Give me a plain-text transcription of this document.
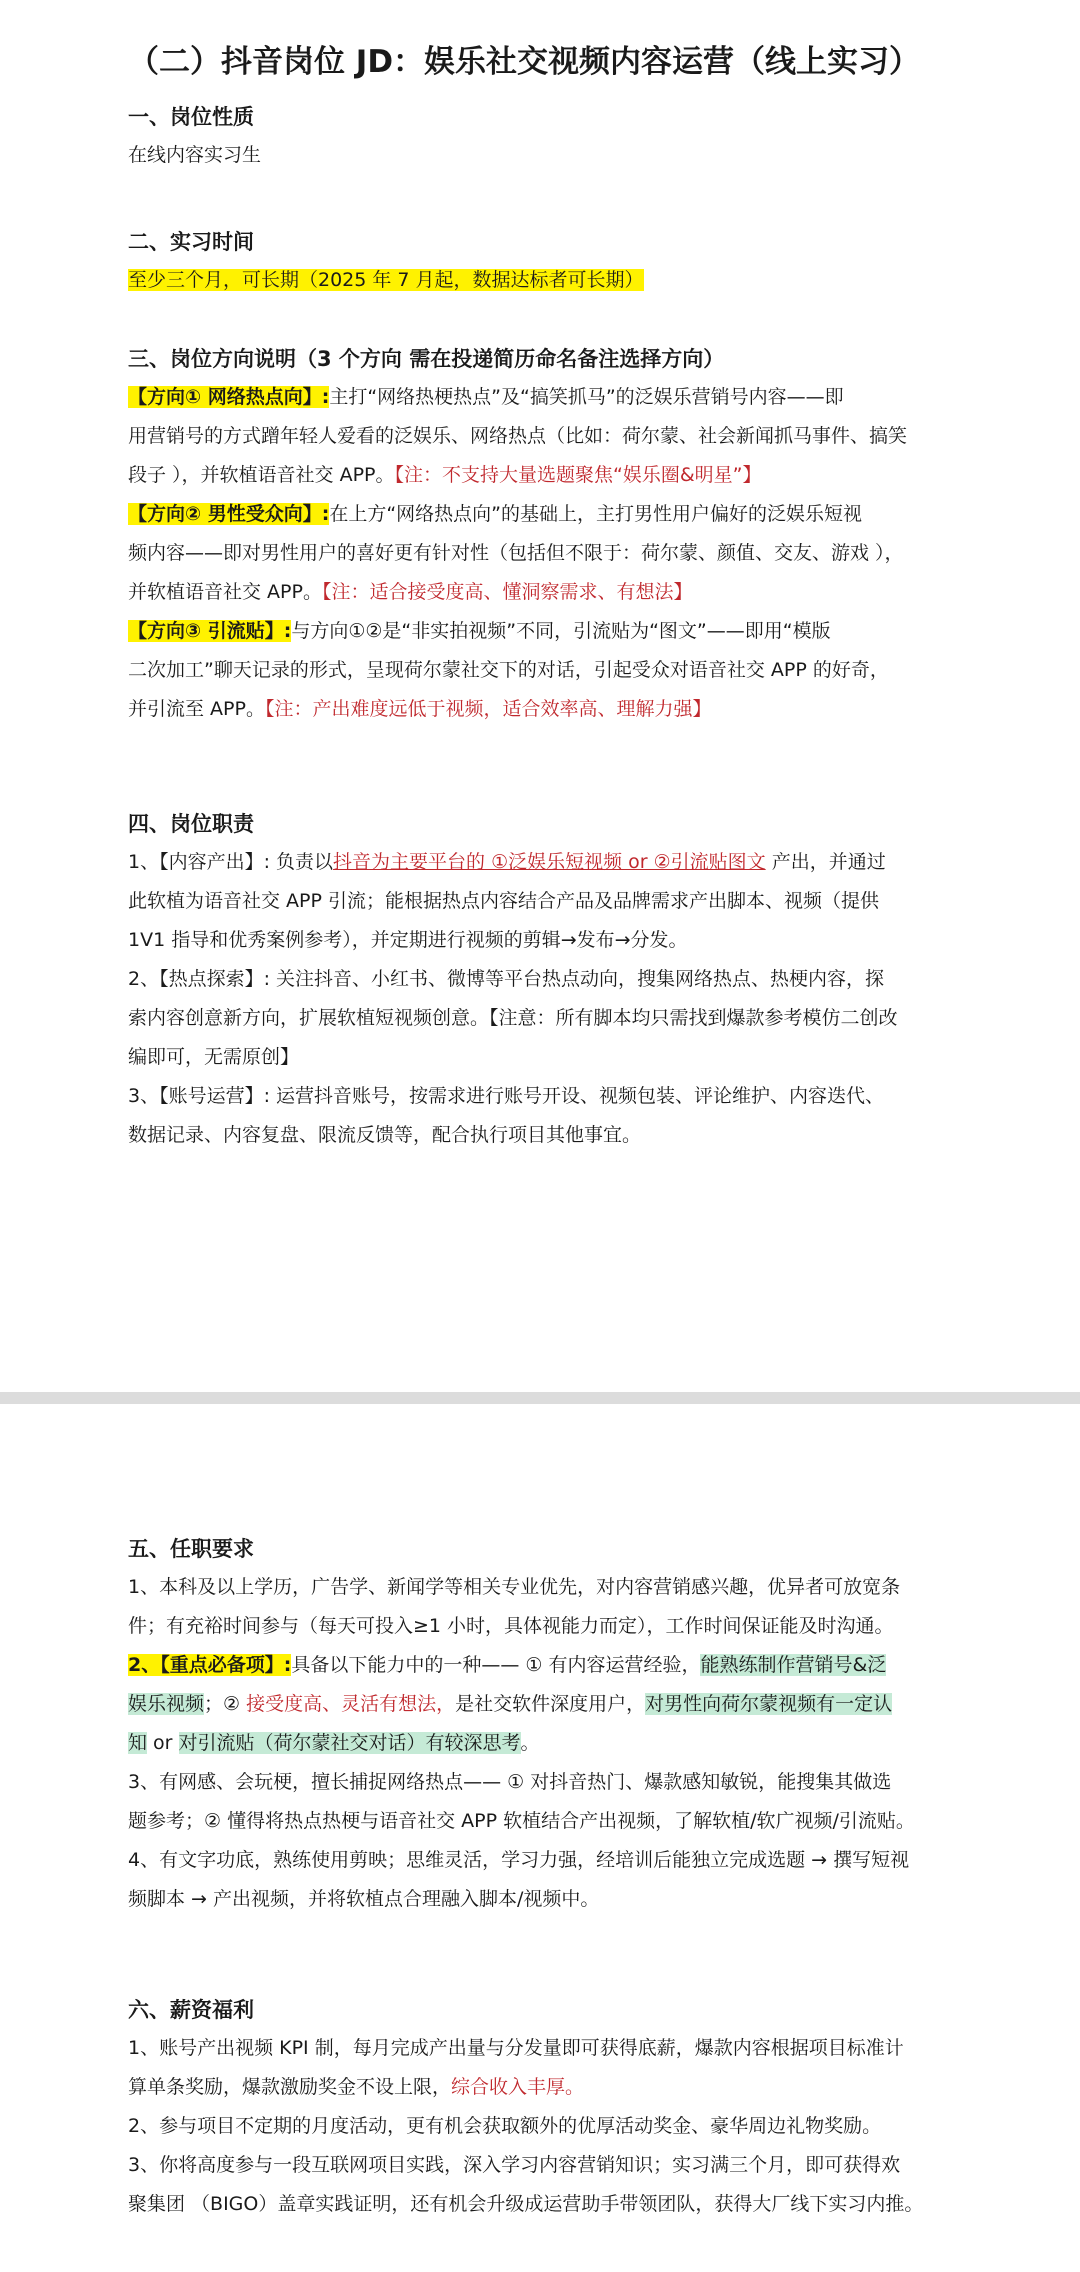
（二）抖音岗位 JD：娱乐社交视频内容运营（线上实习）

一、岗位性质

在线内容实习生

二、实习时间

至少三个月，可长期（2025 年 7 月起，数据达标者可长期）

三、岗位方向说明（3 个方向 需在投递简历命名备注选择方向）

【方向① 网络热点向】:主打“网络热梗热点”及“搞笑抓马”的泛娱乐营销号内容——即

用营销号的方式蹭年轻人爱看的泛娱乐、网络热点（比如：荷尔蒙、社会新闻抓马事件、搞笑

段子 ），并软植语音社交 APP。【注：不支持大量选题聚焦“娱乐圈&明星”】

【方向② 男性受众向】:在上方“网络热点向”的基础上，主打男性用户偏好的泛娱乐短视

频内容——即对男性用户的喜好更有针对性（包括但不限于：荷尔蒙、颜值、交友、游戏 ），

并软植语音社交 APP。【注：适合接受度高、懂洞察需求、有想法】

【方向③ 引流贴】:与方向①②是“非实拍视频”不同，引流贴为“图文”——即用“模版

二次加工”聊天记录的形式，呈现荷尔蒙社交下的对话，引起受众对语音社交 APP 的好奇，

并引流至 APP。【注：产出难度远低于视频，适合效率高、理解力强】

四、岗位职责

1、【内容产出】: 负责以抖音为主要平台的 ①泛娱乐短视频 or ②引流贴图文 产出，并通过

此软植为语音社交 APP 引流；能根据热点内容结合产品及品牌需求产出脚本、视频（提供

1V1 指导和优秀案例参考），并定期进行视频的剪辑→发布→分发。

2、【热点探索】: 关注抖音、小红书、微博等平台热点动向，搜集网络热点、热梗内容，探

索内容创意新方向，扩展软植短视频创意。【注意：所有脚本均只需找到爆款参考模仿二创改

编即可，无需原创】

3、【账号运营】: 运营抖音账号，按需求进行账号开设、视频包装、评论维护、内容迭代、

数据记录、内容复盘、限流反馈等，配合执行项目其他事宜。

五、任职要求

1、本科及以上学历，广告学、新闻学等相关专业优先，对内容营销感兴趣，优异者可放宽条

件；有充裕时间参与（每天可投入≥1 小时，具体视能力而定），工作时间保证能及时沟通。

2、【重点必备项】:具备以下能力中的一种—— ① 有内容运营经验，能熟练制作营销号&泛

娱乐视频；② 接受度高、灵活有想法，是社交软件深度用户，对男性向荷尔蒙视频有一定认

知 or 对引流贴（荷尔蒙社交对话）有较深思考。

3、有网感、会玩梗，擅长捕捉网络热点—— ① 对抖音热门、爆款感知敏锐，能搜集其做选

题参考；② 懂得将热点热梗与语音社交 APP 软植结合产出视频，了解软植/软广视频/引流贴。

4、有文字功底，熟练使用剪映；思维灵活，学习力强，经培训后能独立完成选题 → 撰写短视

频脚本 → 产出视频，并将软植点合理融入脚本/视频中。

六、薪资福利

1、账号产出视频 KPI 制，每月完成产出量与分发量即可获得底薪，爆款内容根据项目标准计

算单条奖励，爆款激励奖金不设上限，综合收入丰厚。

2、参与项目不定期的月度活动，更有机会获取额外的优厚活动奖金、豪华周边礼物奖励。

3、你将高度参与一段互联网项目实践，深入学习内容营销知识；实习满三个月，即可获得欢

聚集团 （BIGO）盖章实践证明，还有机会升级成运营助手带领团队，获得大厂线下实习内推。
